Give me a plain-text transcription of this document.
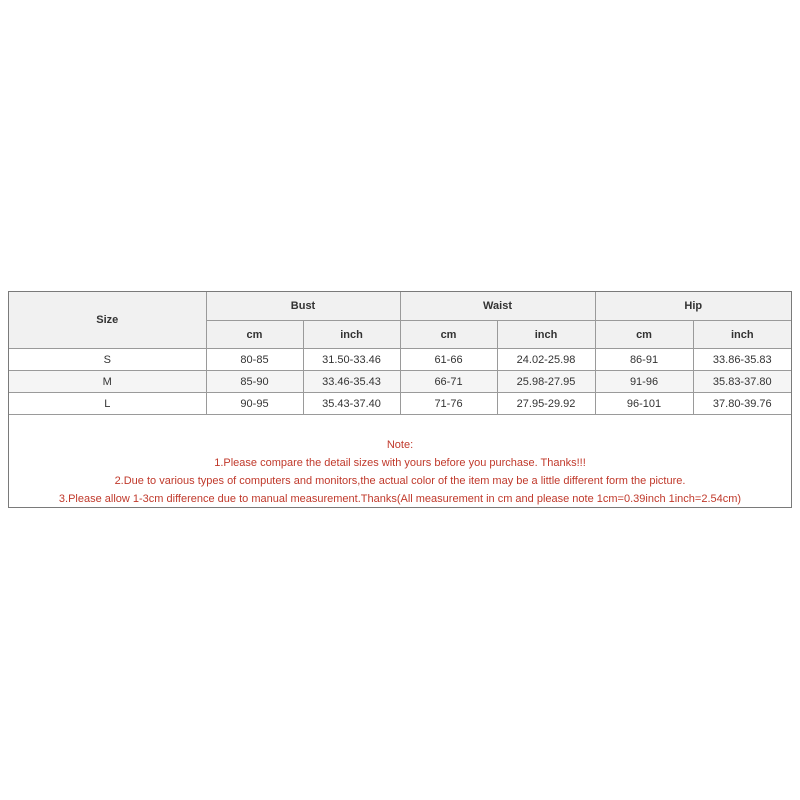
Size	Bust		Waist		Hip	
	cm	inch	cm	inch	cm	inch
S	80-85	31.50-33.46	61-66	24.02-25.98	86-91	33.86-35.83
M	85-90	33.46-35.43	66-71	25.98-27.95	91-96	35.83-37.80
L	90-95	35.43-37.40	71-76	27.95-29.92	96-101	37.80-39.76
Note:
1.Please compare the detail sizes with yours before you purchase. Thanks!!!
2.Due to various types of computers and monitors,the actual color of the item may be a little different form the picture.
3.Please allow 1-3cm difference due to manual measurement.Thanks(All measurement in cm and please note 1cm=0.39inch 1inch=2.54cm)
